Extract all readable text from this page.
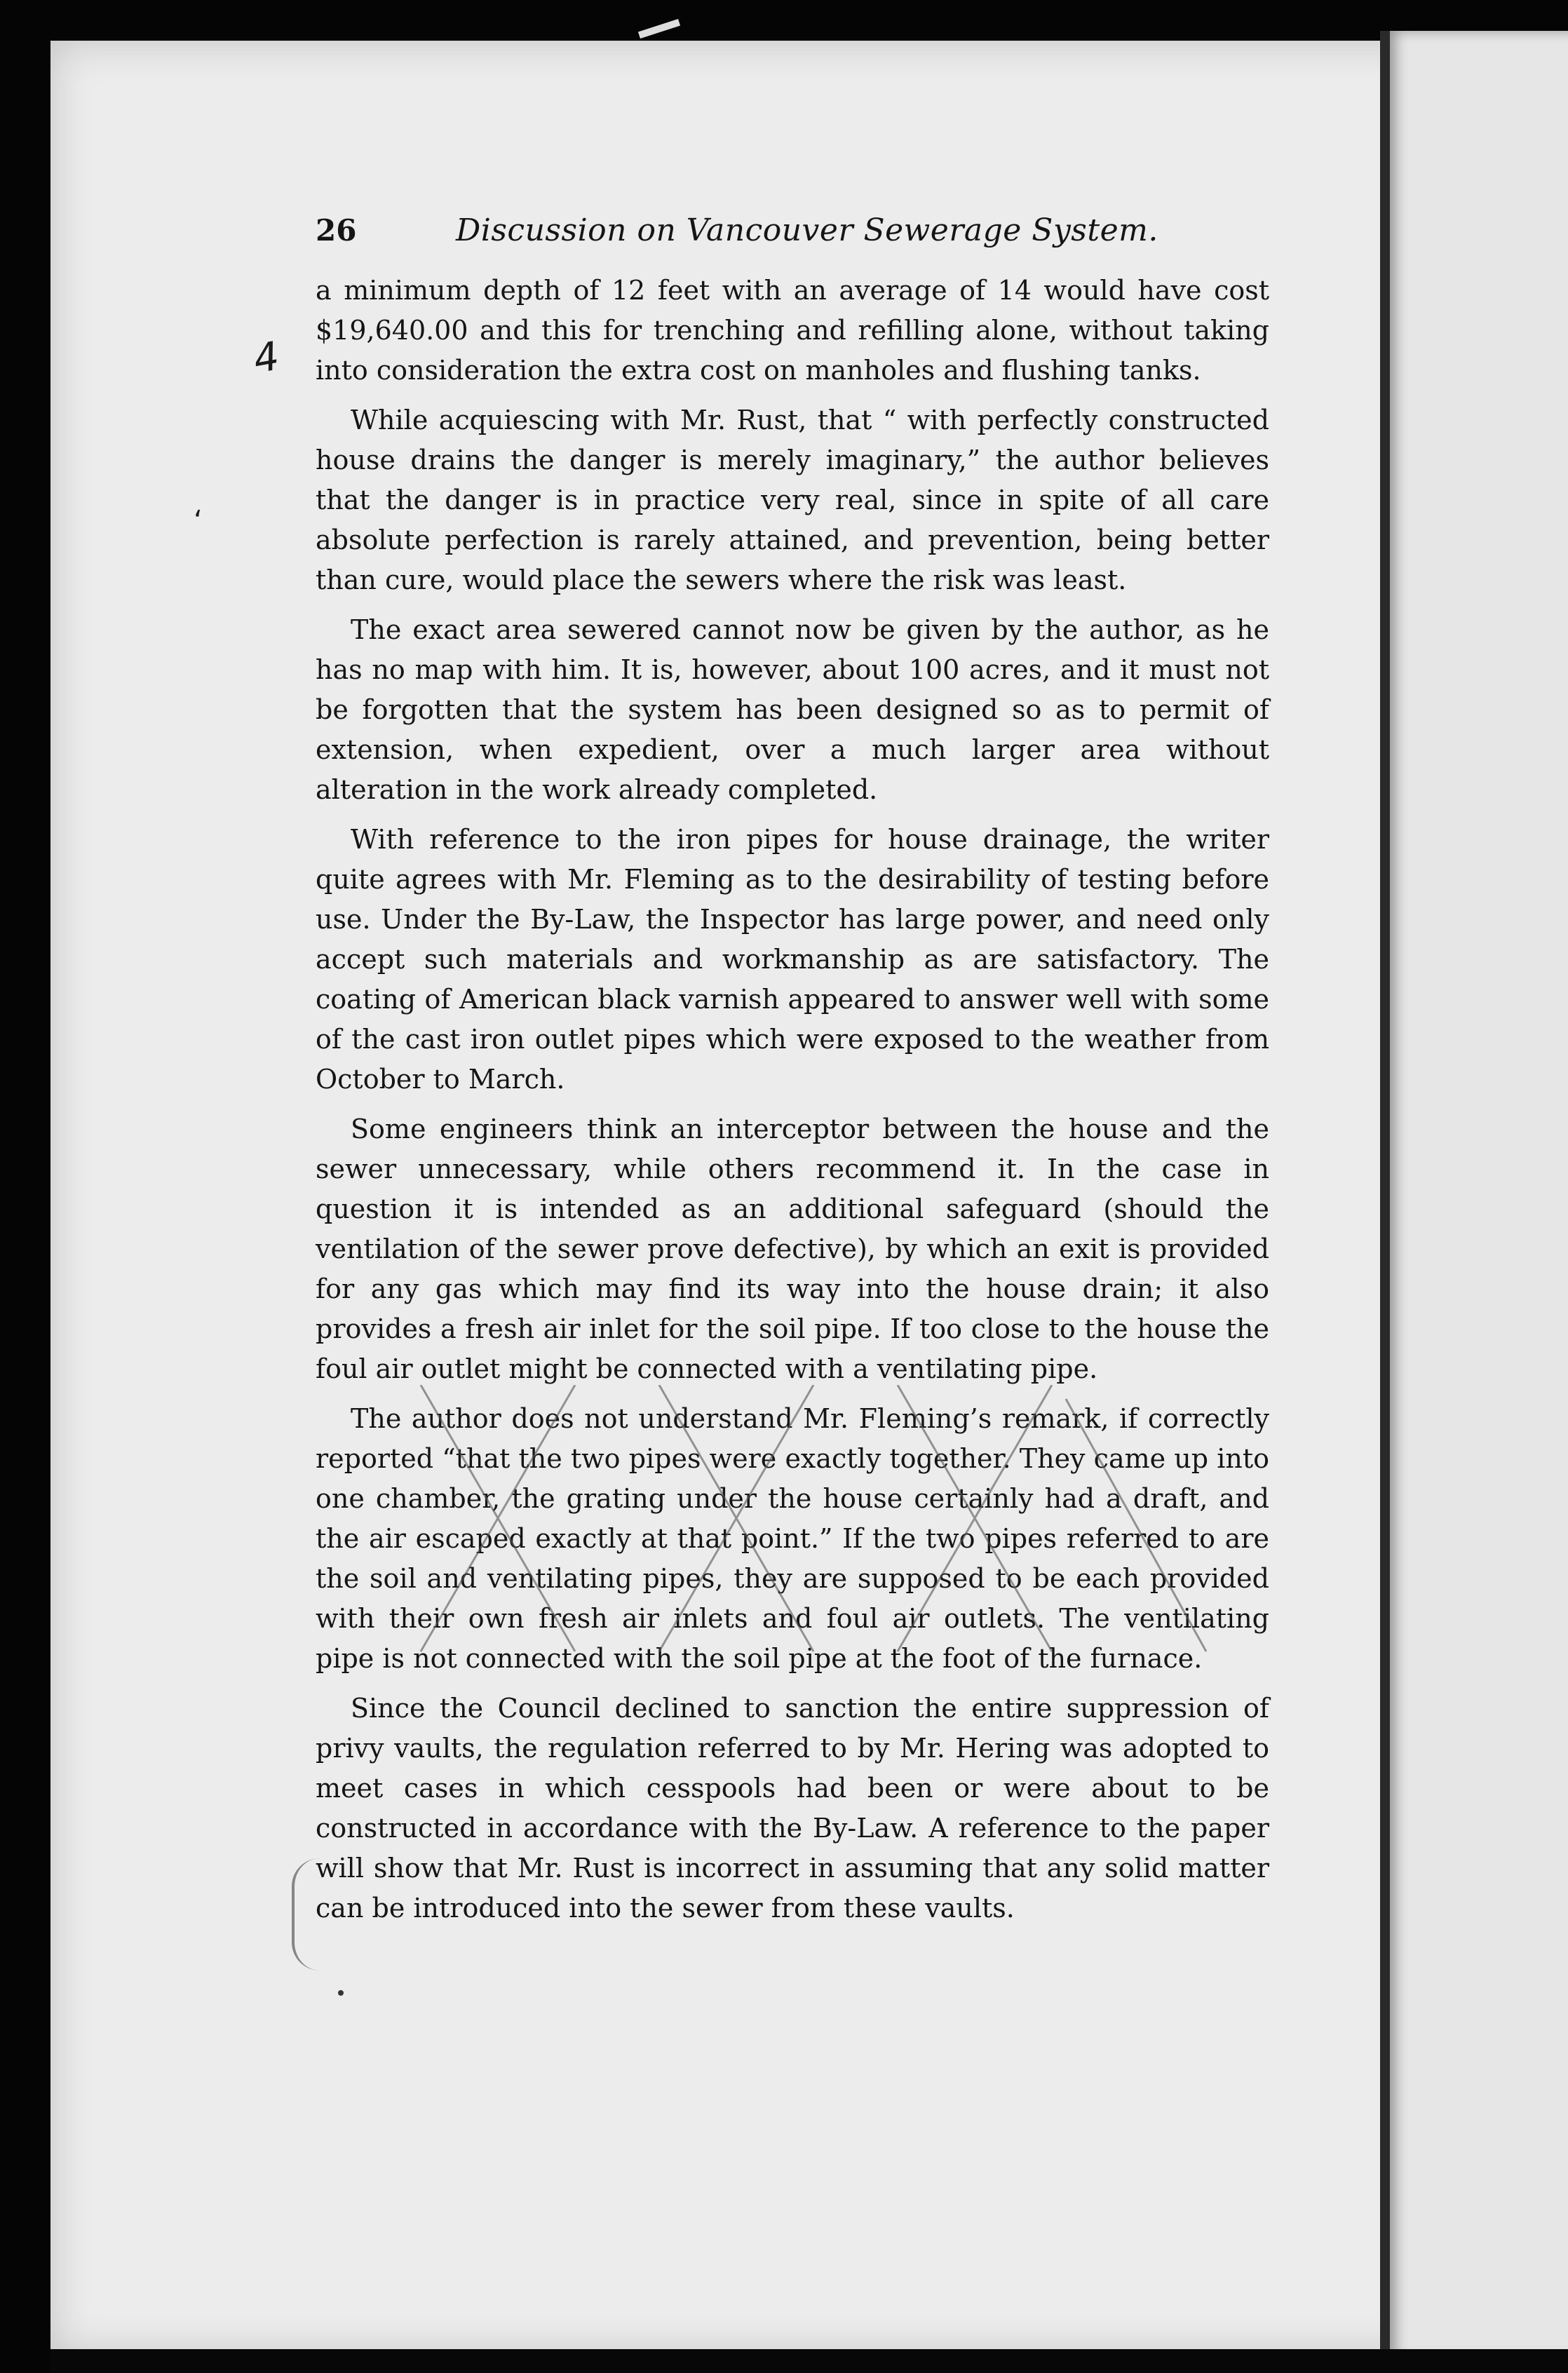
4
ʻ
26	Discussion on Vancouver Sewerage System.

a minimum depth of 12 feet with an average of 14 would have cost $19,640.00 and this for trenching and refilling alone, without taking into consideration the extra cost on manholes and flushing tanks.

While acquiescing with Mr. Rust, that “ with perfectly constructed house drains the danger is merely imaginary,” the author believes that the danger is in practice very real, since in spite of all care absolute perfection is rarely attained, and prevention, being better than cure, would place the sewers where the risk was least.

The exact area sewered cannot now be given by the author, as he has no map with him. It is, however, about 100 acres, and it must not be forgotten that the system has been designed so as to permit of extension, when expedient, over a much larger area without alteration in the work already completed.

With reference to the iron pipes for house drainage, the writer quite agrees with Mr. Fleming as to the desirability of testing before use. Under the By-Law, the Inspector has large power, and need only accept such materials and workmanship as are satisfactory. The coating of American black varnish appeared to answer well with some of the cast iron outlet pipes which were exposed to the weather from October to March.

Some engineers think an interceptor between the house and the sewer unnecessary, while others recommend it. In the case in question it is intended as an additional safeguard (should the ventilation of the sewer prove defective), by which an exit is provided for any gas which may find its way into the house drain; it also provides a fresh air inlet for the soil pipe. If too close to the house the foul air outlet might be connected with a ventilating pipe.

The author does not understand Mr. Fleming’s remark, if correctly reported “that the two pipes were exactly together. They came up into one chamber, the grating under the house certainly had a draft, and the air escaped exactly at that point.” If the two pipes referred to are the soil and ventilating pipes, they are supposed to be each provided with their own fresh air inlets and foul air outlets. The ventilating pipe is not connected with the soil pipe at the foot of the furnace.

Since the Council declined to sanction the entire suppression of privy vaults, the regulation referred to by Mr. Hering was adopted to meet cases in which cesspools had been or were about to be constructed in accordance with the By-Law. A reference to the paper will show that Mr. Rust is incorrect in assuming that any solid matter can be introduced into the sewer from these vaults.
